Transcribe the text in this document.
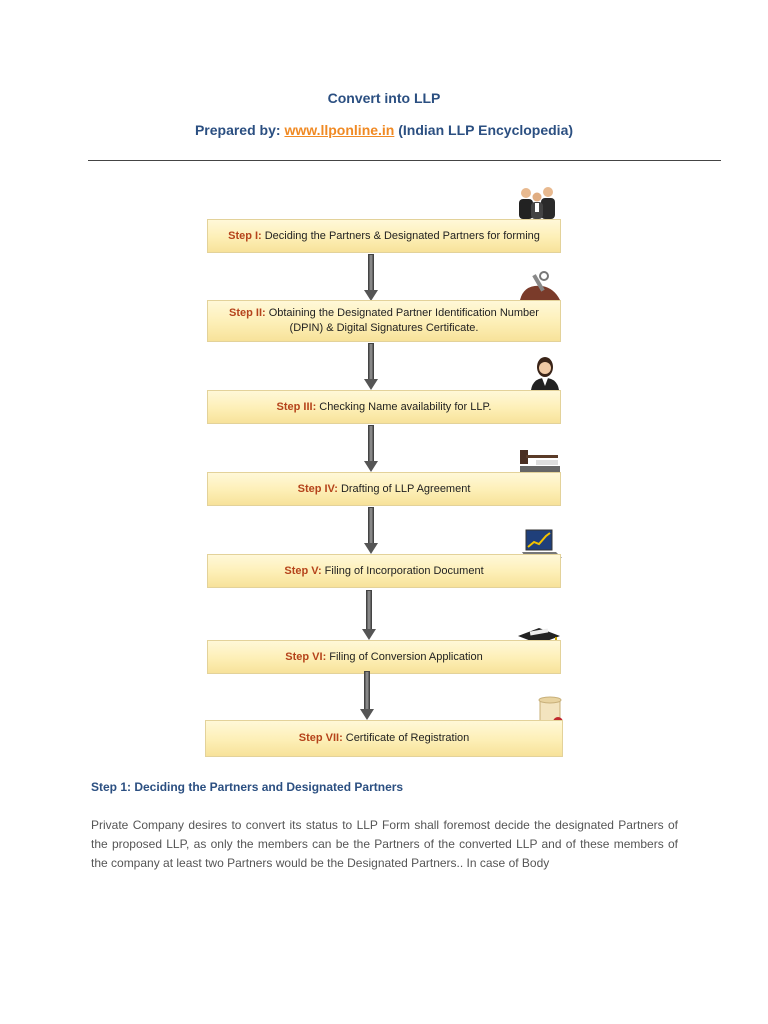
Convert into LLP
Prepared by: www.llponline.in (Indian LLP Encyclopedia)
Step I: Deciding the Partners & Designated Partners for forming
Step II: Obtaining the Designated Partner Identification Number
(DPIN) & Digital Signatures Certificate.
Step III: Checking Name availability for LLP.
Step IV: Drafting of LLP Agreement
Step V: Filing of Incorporation Document
Step VI: Filing of Conversion Application
Step VII: Certificate of Registration
Step 1: Deciding the Partners and Designated Partners
Private Company desires to convert its status to LLP Form shall foremost decide the designated Partners of the proposed LLP, as only the members can be the Partners of the converted LLP and of these members of the company at least two Partners would be the Designated Partners.. In case of Body
